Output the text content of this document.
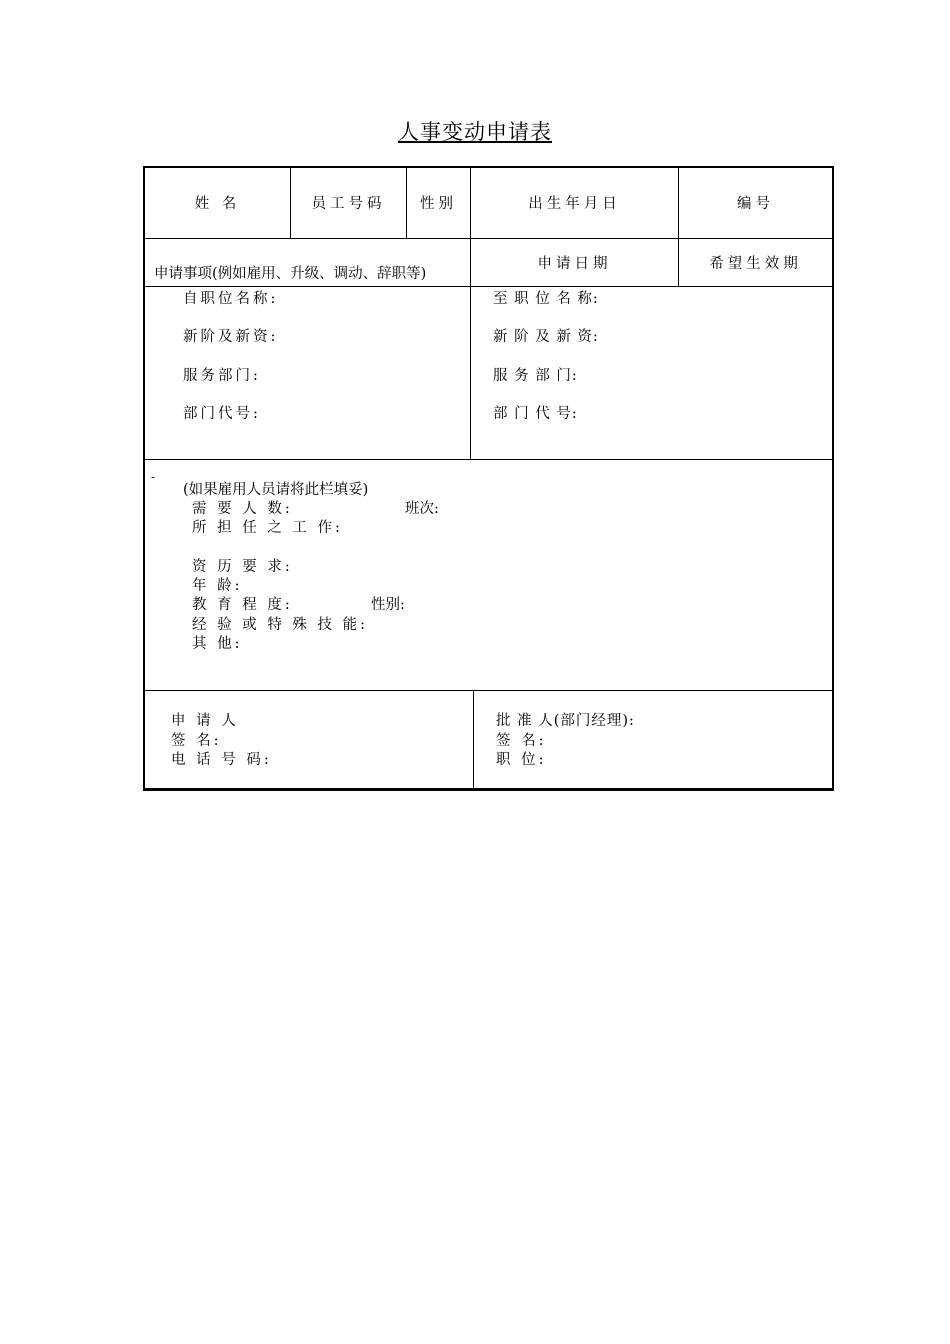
人事变动申请表
姓 名	员工号码	性别	出生年月日	编号
申请事项(例如雇用、升级、调动、辞职等)
申请日期	希望生效期
自职位名称:
新阶及新资:
服务部门:
部门代号:
至 职 位 名 称:
新 阶 及 新 资:
服 务 部 门:
部 门 代 号:
-
(如果雇用人员请将此栏填妥)
需 要 人 数:	班次:
所 担 任 之 工 作:
资 历 要 求:
年 龄:
教 育 程 度:	性别:
经 验 或 特 殊 技 能:
其 他:
申 请 人
签 名:
电 话 号 码:
批 准 人(部门经理):
签 名:
职 位:
